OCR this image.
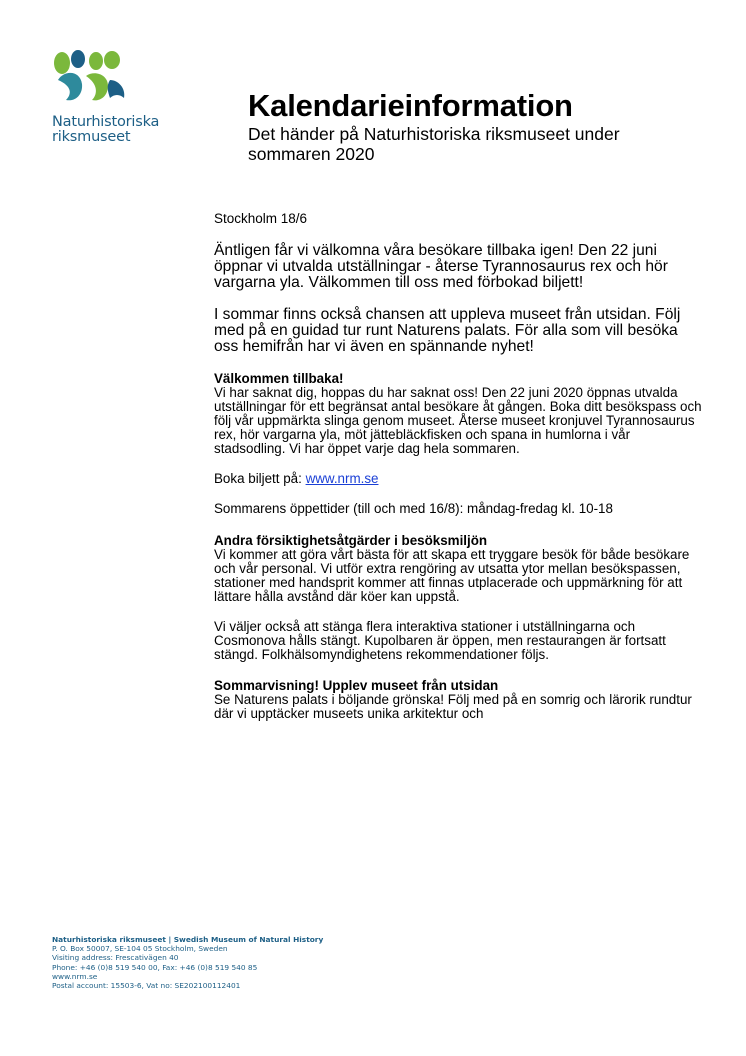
Naturhistoriska
riksmuseet
Kalendarieinformation
Det händer på Naturhistoriska riksmuseet under sommaren 2020
Stockholm 18/6
Äntligen får vi välkomna våra besökare tillbaka igen! Den 22 juni öppnar vi utvalda utställningar - återse Tyrannosaurus rex och hör vargarna yla. Välkommen till oss med förbokad biljett!
I sommar finns också chansen att uppleva museet från utsidan. Följ med på en guidad tur runt Naturens palats. För alla som vill besöka oss hemifrån har vi även en spännande nyhet!
Välkommen tillbaka!
Vi har saknat dig, hoppas du har saknat oss! Den 22 juni 2020 öppnas utvalda utställningar för ett begränsat antal besökare åt gången. Boka ditt besökspass och följ vår uppmärkta slinga genom museet. Återse museet kronjuvel Tyrannosaurus rex, hör vargarna yla, möt jättebläckfisken och spana in humlorna i vår stadsodling. Vi har öppet varje dag hela sommaren.
Boka biljett på: www.nrm.se
Sommarens öppettider (till och med 16/8): måndag-fredag kl. 10-18
Andra försiktighetsåtgärder i besöksmiljön
Vi kommer att göra vårt bästa för att skapa ett tryggare besök för både besökare och vår personal. Vi utför extra rengöring av utsatta ytor mellan besökspassen, stationer med handsprit kommer att finnas utplacerade och uppmärkning för att lättare hålla avstånd där köer kan uppstå.
Vi väljer också att stänga flera interaktiva stationer i utställningarna och Cosmonova hålls stängt. Kupolbaren är öppen, men restaurangen är fortsatt stängd. Folkhälsomyndighetens rekommendationer följs.
Sommarvisning! Upplev museet från utsidan
Se Naturens palats i böljande grönska! Följ med på en somrig och lärorik rundtur där vi upptäcker museets unika arkitektur och
Naturhistoriska riksmuseet | Swedish Museum of Natural History
P. O. Box 50007, SE-104 05 Stockholm, Sweden
Visiting address: Frescativägen 40
Phone: +46 (0)8 519 540 00, Fax: +46 (0)8 519 540 85
www.nrm.se
Postal account: 15503-6, Vat no: SE202100112401
